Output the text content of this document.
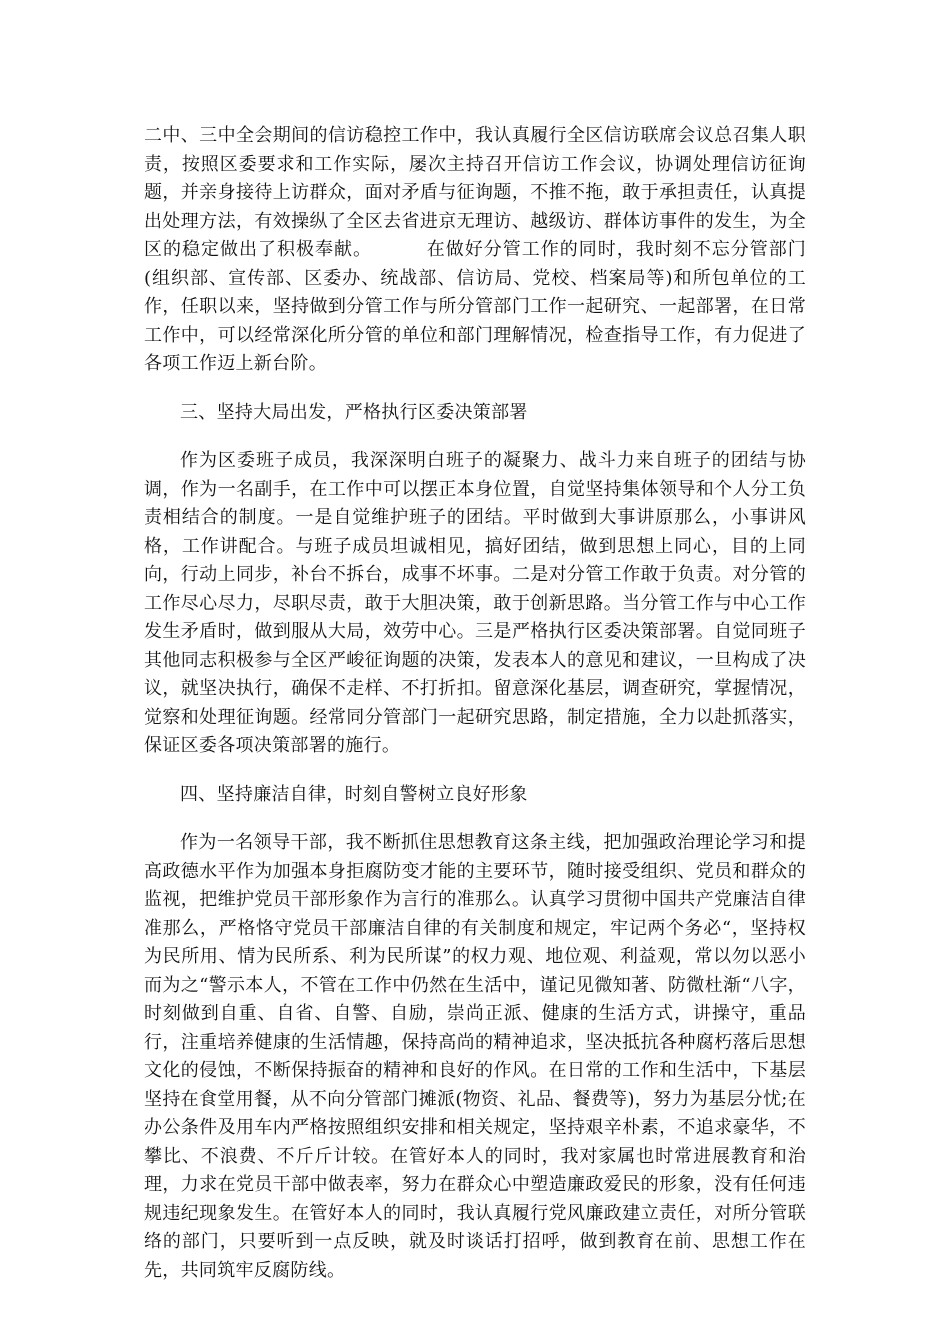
二中、三中全会期间的信访稳控工作中，我认真履行全区信访联席会议总召集人职责，按照区委要求和工作实际，屡次主持召开信访工作会议，协调处理信访征询题，并亲身接待上访群众，面对矛盾与征询题，不推不拖，敢于承担责任，认真提出处理方法，有效操纵了全区去省进京无理访、越级访、群体访事件的发生，为全区的稳定做出了积极奉献。	在做好分管工作的同时，我时刻不忘分管部门(组织部、宣传部、区委办、统战部、信访局、党校、档案局等)和所包单位的工作，任职以来，坚持做到分管工作与所分管部门工作一起研究、一起部署，在日常工作中，可以经常深化所分管的单位和部门理解情况，检查指导工作，有力促进了各项工作迈上新台阶。

三、坚持大局出发，严格执行区委决策部署

作为区委班子成员，我深深明白班子的凝聚力、战斗力来自班子的团结与协调，作为一名副手，在工作中可以摆正本身位置，自觉坚持集体领导和个人分工负责相结合的制度。一是自觉维护班子的团结。平时做到大事讲原那么，小事讲风格，工作讲配合。与班子成员坦诚相见，搞好团结，做到思想上同心，目的上同向，行动上同步，补台不拆台，成事不坏事。二是对分管工作敢于负责。对分管的工作尽心尽力，尽职尽责，敢于大胆决策，敢于创新思路。当分管工作与中心工作发生矛盾时，做到服从大局，效劳中心。三是严格执行区委决策部署。自觉同班子其他同志积极参与全区严峻征询题的决策，发表本人的意见和建议，一旦构成了决议，就坚决执行，确保不走样、不打折扣。留意深化基层，调查研究，掌握情况，觉察和处理征询题。经常同分管部门一起研究思路，制定措施，全力以赴抓落实，保证区委各项决策部署的施行。

四、坚持廉洁自律，时刻自警树立良好形象

作为一名领导干部，我不断抓住思想教育这条主线，把加强政治理论学习和提高政德水平作为加强本身拒腐防变才能的主要环节，随时接受组织、党员和群众的监视，把维护党员干部形象作为言行的准那么。认真学习贯彻中国共产党廉洁自律准那么，严格恪守党员干部廉洁自律的有关制度和规定，牢记两个务必“，坚持权为民所用、情为民所系、利为民所谋”的权力观、地位观、利益观，常以勿以恶小而为之“警示本人，不管在工作中仍然在生活中，谨记见微知著、防微杜渐“八字，时刻做到自重、自省、自警、自励，崇尚正派、健康的生活方式，讲操守，重品行，注重培养健康的生活情趣，保持高尚的精神追求，坚决抵抗各种腐朽落后思想文化的侵蚀，不断保持振奋的精神和良好的作风。在日常的工作和生活中，下基层坚持在食堂用餐，从不向分管部门摊派(物资、礼品、餐费等)，努力为基层分忧;在办公条件及用车内严格按照组织安排和相关规定，坚持艰辛朴素，不追求豪华，不攀比、不浪费、不斤斤计较。在管好本人的同时，我对家属也时常进展教育和治理，力求在党员干部中做表率，努力在群众心中塑造廉政爱民的形象，没有任何违规违纪现象发生。在管好本人的同时，我认真履行党风廉政建立责任，对所分管联络的部门，只要听到一点反映，就及时谈话打招呼，做到教育在前、思想工作在先，共同筑牢反腐防线。
